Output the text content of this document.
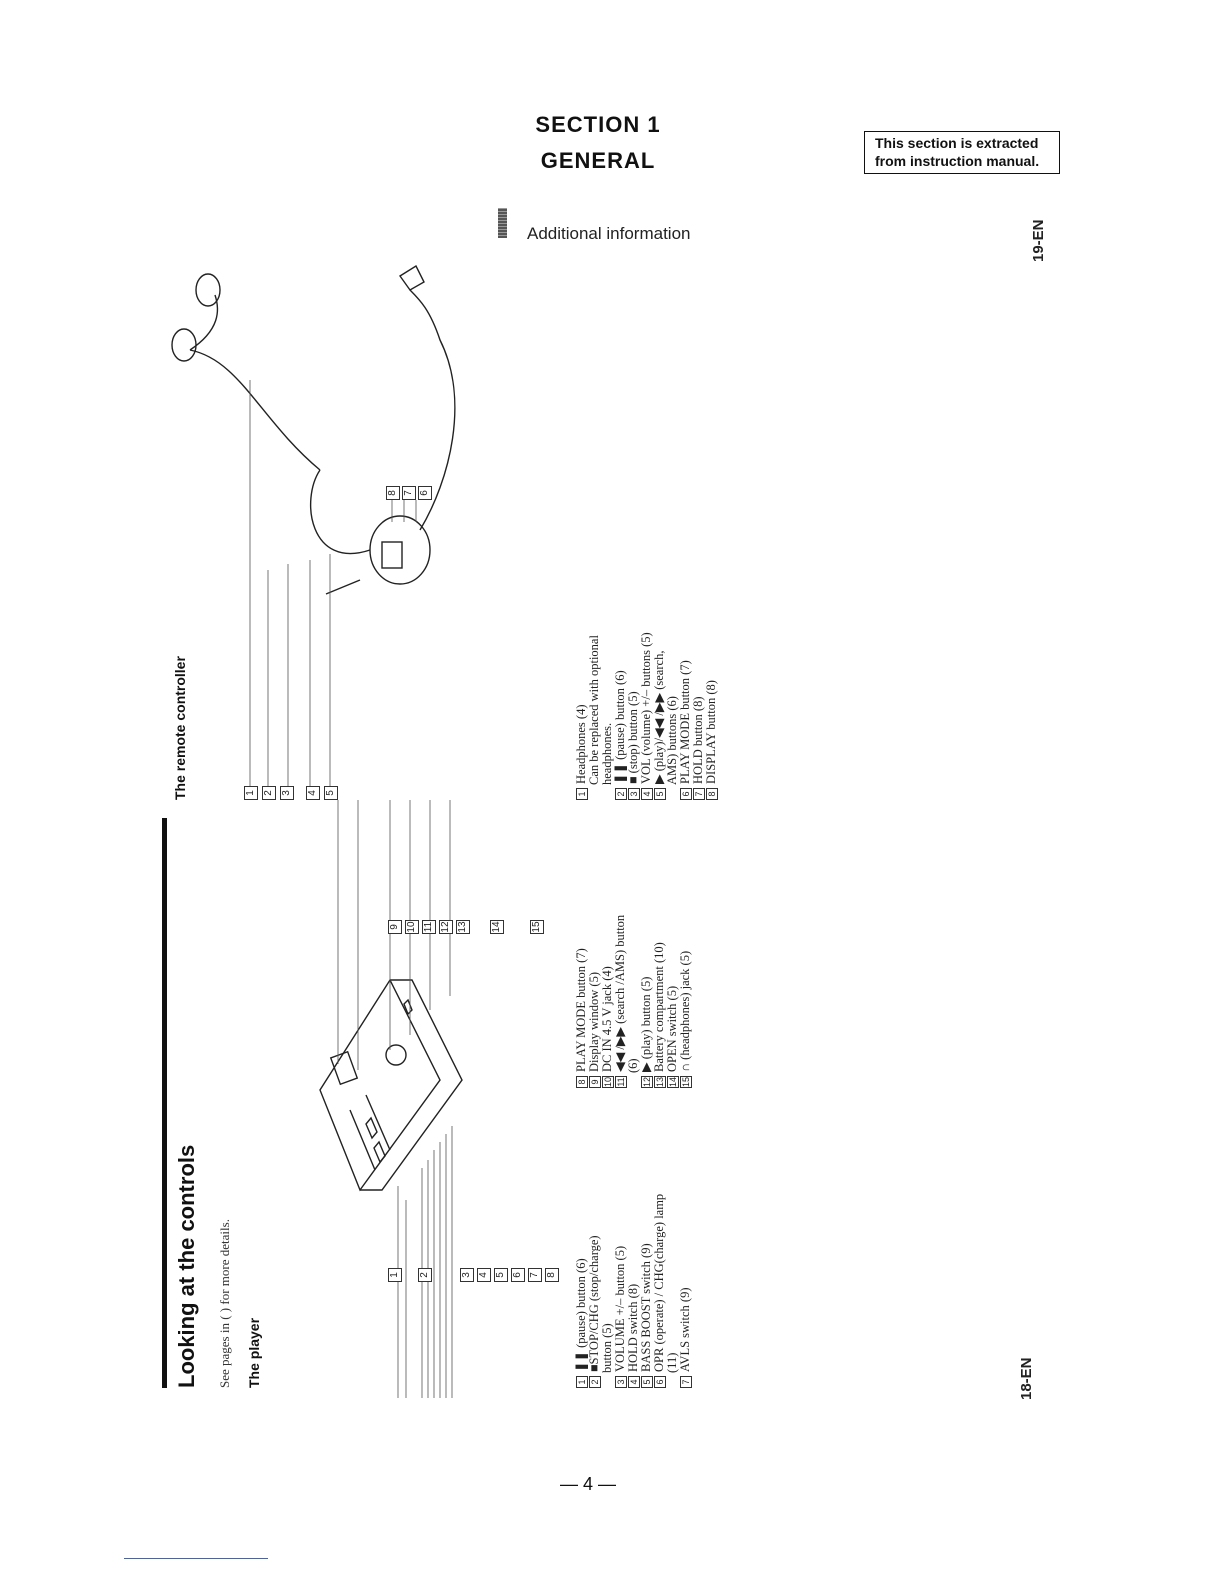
SECTION 1
GENERAL
This section is extracted
from instruction manual.
Additional information	19-EN
Looking at the controls See pages in ( ) for more details. The player
1 2	3 4 5 6 7 8
9 10 11 12 13 14	15
1
❚❚ (pause) button (6)
2
■STOP/CHG (stop/charge) button (5)
3
VOLUME +/– button (5)
4
HOLD switch (8)
5
BASS BOOST switch (9)
6
OPR (operate) / CHG(charge) lamp (11)
7
AVLS switch (9)
8
PLAY MODE button (7)
9
Display window (5)
10
DC IN 4.5 V jack (4)
11
◀◀ /▶▶ (search /AMS) button (6)
12
▶ (play) button (5)
13
Battery compartment (10)
14
OPEN switch (5)
15
∩ (headphones) jack (5)
The remote controller	1 2 3 4 5
8 7 6
1
Headphones (4) Can be replaced with optional headphones.
2
❚❚ (pause) button (6)
3
■ (stop) button (5)
4
VOL (volume) +/– buttons (5)
5
▶ (play)/◀◀ /▶▶ (search, AMS) buttons (6)
6
PLAY MODE button (7)
7
HOLD button (8)
8
DISPLAY button (8)
18-EN
— 4 —
